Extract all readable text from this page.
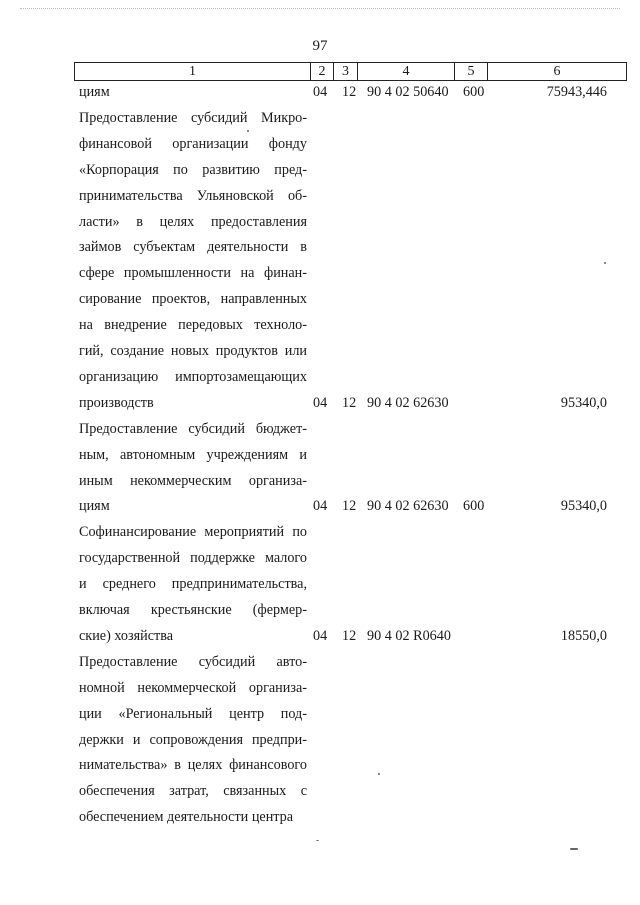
97
1	2	3	4	5	6
циям	04 12 90 4 02 50640 600	75943,446
Предоставление субсидий Микро-
финансовой организации фонду
«Корпорация по развитию пред-
принимательства Ульяновской об-
ласти» в целях предоставления
займов субъектам деятельности в
сфере промышленности на финан-
сирование проектов, направленных
на внедрение передовых техноло-
гий, создание новых продуктов или
организацию импортозамещающих
производств	04 12 90 4 02 62630	95340,0
Предоставление субсидий бюджет-
ным, автономным учреждениям и
иным некоммерческим организа-
циям	04 12 90 4 02 62630 600	95340,0
Софинансирование мероприятий по
государственной поддержке малого
и среднего предпринимательства,
включая крестьянские (фермер-
ские) хозяйства	04 12 90 4 02 R0640	18550,0
Предоставление субсидий авто-
номной некоммерческой организа-
ции «Региональный центр под-
держки и сопровождения предпри-
нимательства» в целях финансового
обеспечения затрат, связанных с
обеспечением деятельности центра
